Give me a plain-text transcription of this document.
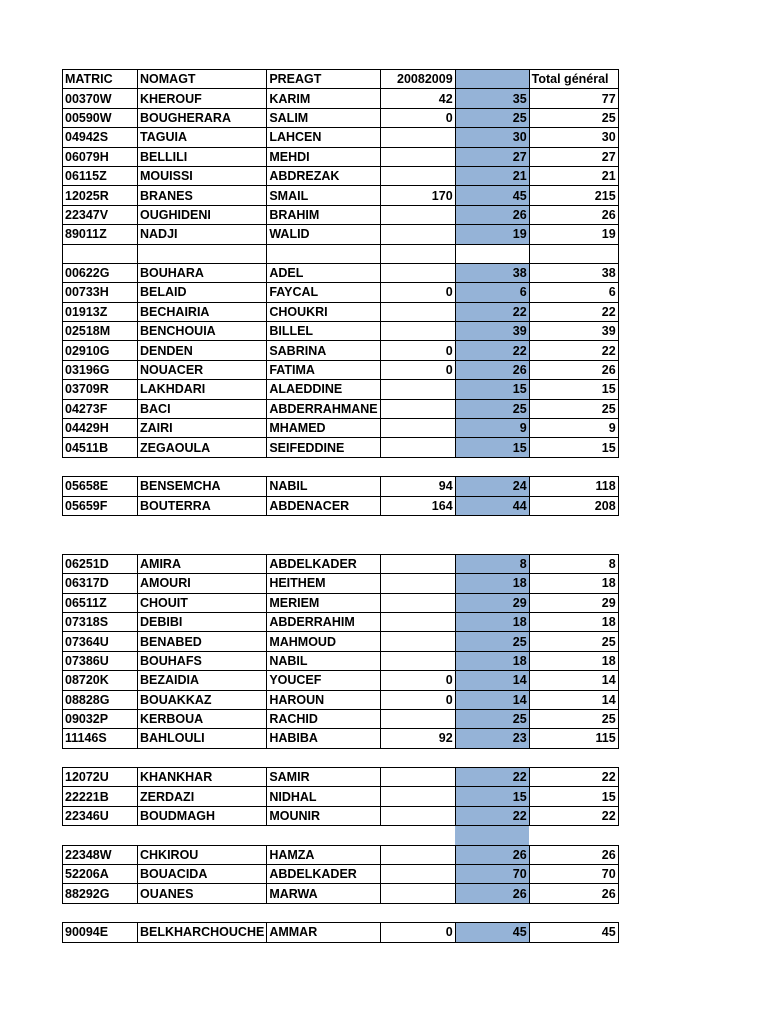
MATRIC	NOMAGT	PREAGT	20082009		Total général
00370W	KHEROUF	KARIM	42	35	77
00590W	BOUGHERARA	SALIM	0	25	25
04942S	TAGUIA	LAHCEN		30	30
06079H	BELLILI	MEHDI		27	27
06115Z	MOUISSI	ABDREZAK		21	21
12025R	BRANES	SMAIL	170	45	215
22347V	OUGHIDENI	BRAHIM		26	26
89011Z	NADJI	WALID		19	19

00622G	BOUHARA	ADEL		38	38
00733H	BELAID	FAYCAL	0	6	6
01913Z	BECHAIRIA	CHOUKRI		22	22
02518M	BENCHOUIA	BILLEL		39	39
02910G	DENDEN	SABRINA	0	22	22
03196G	NOUACER	FATIMA	0	26	26
03709R	LAKHDARI	ALAEDDINE		15	15
04273F	BACI	ABDERRAHMANE		25	25
04429H	ZAIRI	MHAMED		9	9
04511B	ZEGAOULA	SEIFEDDINE		15	15

05658E	BENSEMCHA	NABIL	94	24	118
05659F	BOUTERRA	ABDENACER	164	44	208

06251D	AMIRA	ABDELKADER		8	8
06317D	AMOURI	HEITHEM		18	18
06511Z	CHOUIT	MERIEM		29	29
07318S	DEBIBI	ABDERRAHIM		18	18
07364U	BENABED	MAHMOUD		25	25
07386U	BOUHAFS	NABIL		18	18
08720K	BEZAIDIA	YOUCEF	0	14	14
08828G	BOUAKKAZ	HAROUN	0	14	14
09032P	KERBOUA	RACHID		25	25
11146S	BAHLOULI	HABIBA	92	23	115

12072U	KHANKHAR	SAMIR		22	22
22221B	ZERDAZI	NIDHAL		15	15
22346U	BOUDMAGH	MOUNIR		22	22

22348W	CHKIROU	HAMZA		26	26
52206A	BOUACIDA	ABDELKADER		70	70
88292G	OUANES	MARWA		26	26

90094E	BELKHARCHOUCHE	AMMAR	0	45	45
